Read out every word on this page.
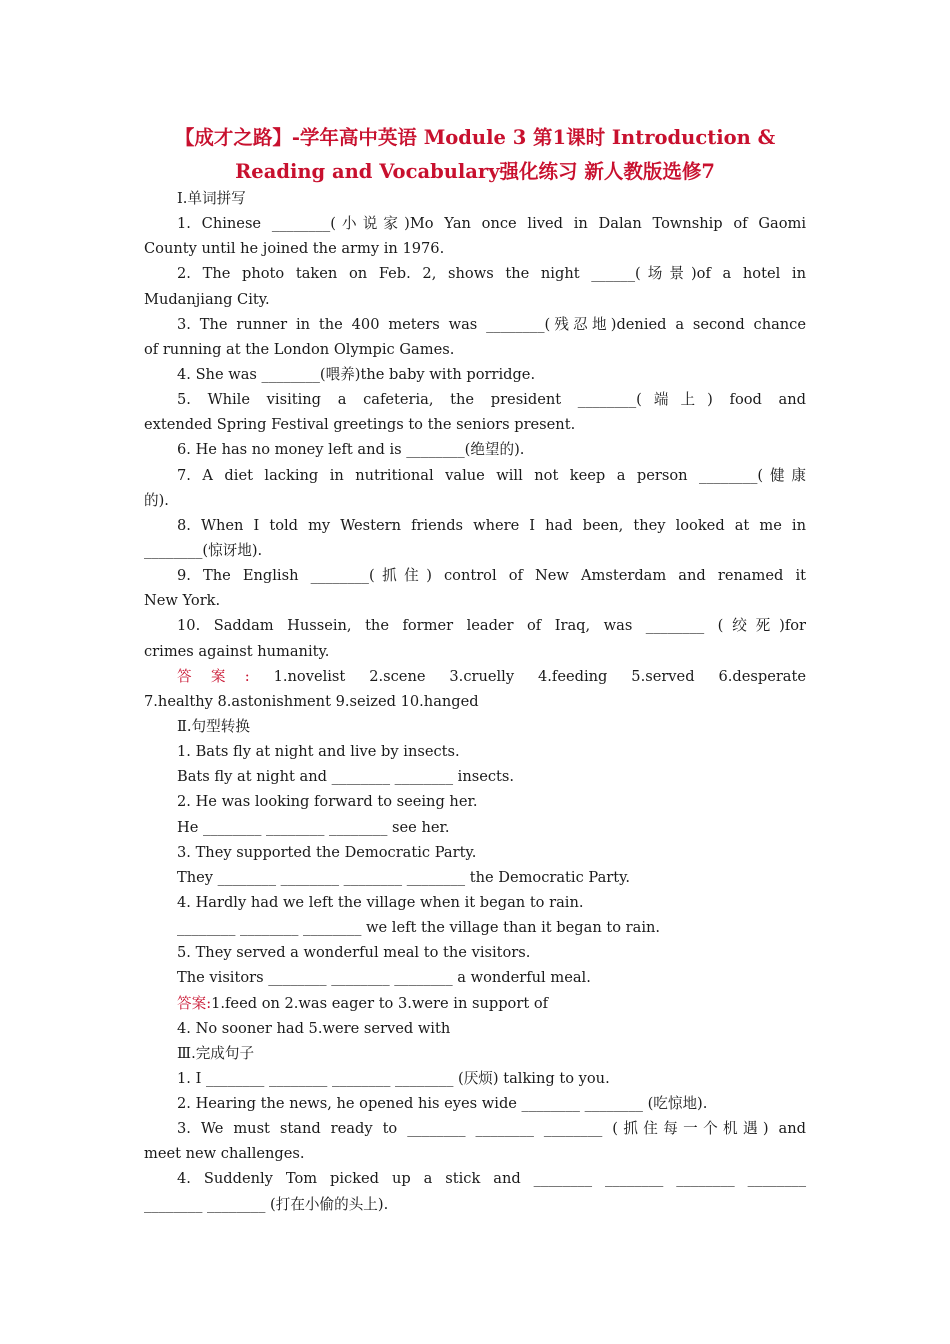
【成才之路】-学年高中英语 Module 3 第1课时 Introduction &
Reading and Vocabulary强化练习 新人教版选修7
Ⅰ.单词拼写
1. Chinese ________(小说家)Mo Yan once lived in Dalan Township of Gaomi
County until he joined the army in 1976.
2. The photo taken on Feb. 2, shows the night ______(场景)of a hotel in
Mudanjiang City.
3. The runner in the 400 meters was ________(残忍地)denied a second chance
of running at the London Olympic Games.
4. She was ________(喂养)the baby with porridge.
5. While visiting a cafeteria, the president ________(端上) food and
extended Spring Festival greetings to the seniors present.
6. He has no money left and is ________(绝望的).
7. A diet lacking in nutritional value will not keep a person ________(健康
的).
8. When I told my Western friends where I had been, they looked at me in
________(惊讶地).
9. The English ________(抓住) control of New Amsterdam and renamed it
New York.
10. Saddam Hussein, the former leader of Iraq, was ________ (绞死)for
crimes against humanity.
答案: 1.novelist 2.scene 3.cruelly 4.feeding 5.served 6.desperate
7.healthy 8.astonishment 9.seized 10.hanged
Ⅱ.句型转换
1. Bats fly at night and live by insects.
Bats fly at night and ________ ________ insects.
2. He was looking forward to seeing her.
He ________ ________ ________ see her.
3. They supported the Democratic Party.
They ________ ________ ________ ________ the Democratic Party.
4. Hardly had we left the village when it began to rain.
________ ________ ________ we left the village than it began to rain.
5. They served a wonderful meal to the visitors.
The visitors ________ ________ ________ a wonderful meal.
答案:1.feed on 2.was eager to 3.were in support of
4. No sooner had 5.were served with
Ⅲ.完成句子
1. I ________ ________ ________ ________ (厌烦) talking to you.
2. Hearing the news, he opened his eyes wide ________ ________ (吃惊地).
3. We must stand ready to ________ ________ ________ (抓住每一个机遇) and
meet new challenges.
4. Suddenly Tom picked up a stick and ________ ________ ________ ________
________ ________ (打在小偷的头上).
